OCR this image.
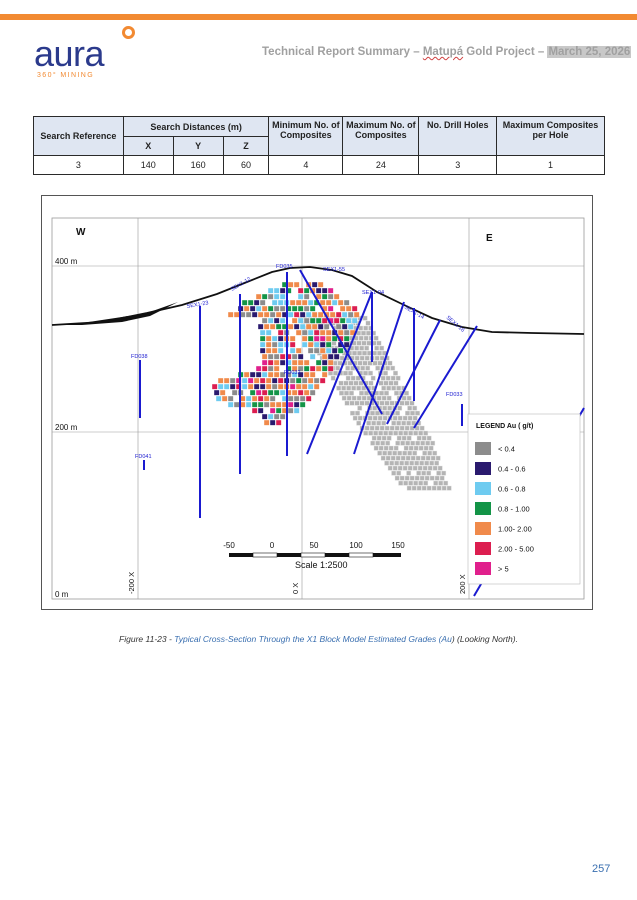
aura
360° MINING
Technical Report Summary – Matupá Gold Project – March 25, 2026
Search Reference	Search Distances (m)			Minimum No. of Composites	Maximum No. of Composites	No. Drill Holes	Maximum Composites per Hole
	X	Y	Z				
3	140	160	60	4	24	3	1
< 0.4
0.4 - 0.6
0.6 - 0.8
0.8 - 1.00
1.00- 2.00
2.00 - 5.00
> 5
-50	0	50	100	150
Scale 1:2500
W
E
400 m
200 m
0 m
-200 X	0 X	200 X
FD038
FD041
FD033
FD032
FD035	SEX1-55
SEX1-04
SEX1-12
SEX1-23	SEX1-14
SEX1-16
LEGEND Au ( g/t)
Figure 11-23 - Typical Cross-Section Through the X1 Block Model Estimated Grades (Au) (Looking North).
257
